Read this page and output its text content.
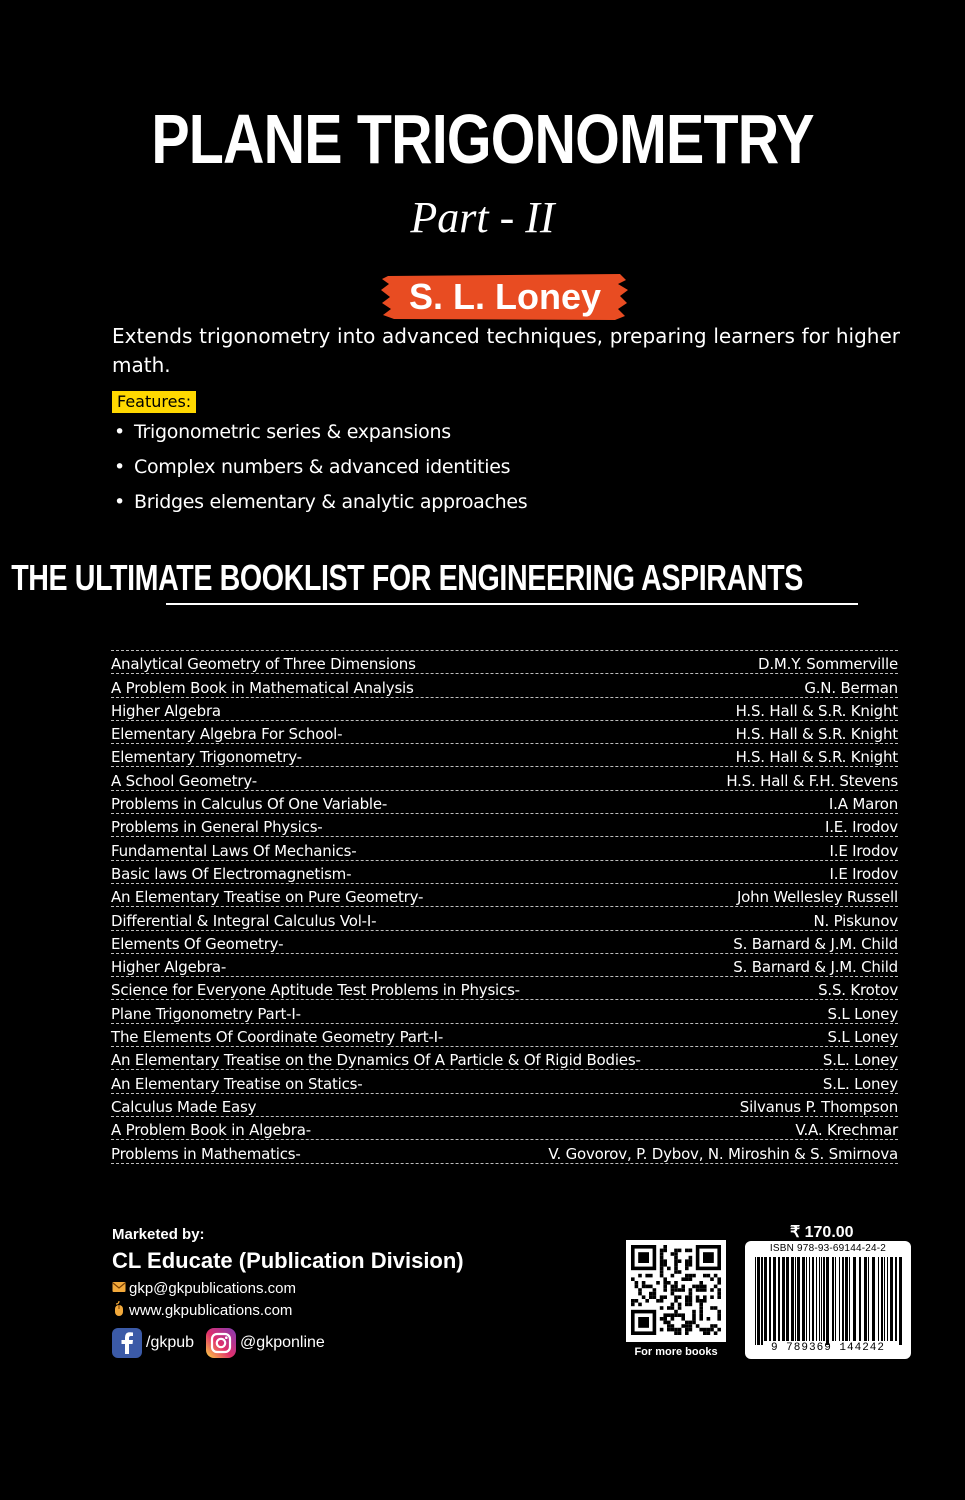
PLANE TRIGONOMETRY
Part - II
S. L. Loney
Extends trigonometry into advanced techniques, preparing learners for higher math.
Features:
• Trigonometric series & expansions
• Complex numbers & advanced identities
• Bridges elementary & analytic approaches
THE ULTIMATE BOOKLIST FOR ENGINEERING ASPIRANTS
Analytical Geometry of Three Dimensions	D.M.Y. Sommerville
A Problem Book in Mathematical Analysis	G.N. Berman
Higher Algebra	H.S. Hall & S.R. Knight
Elementary Algebra For School-	H.S. Hall & S.R. Knight
Elementary Trigonometry-	H.S. Hall & S.R. Knight
A School Geometry-	H.S. Hall & F.H. Stevens
Problems in Calculus Of One Variable-	I.A Maron
Problems in General Physics-	I.E. Irodov
Fundamental Laws Of Mechanics-	I.E Irodov
Basic laws Of Electromagnetism-	I.E Irodov
An Elementary Treatise on Pure Geometry-	John Wellesley Russell
Differential & Integral Calculus Vol-I-	N. Piskunov
Elements Of Geometry-	S. Barnard & J.M. Child
Higher Algebra-	S. Barnard & J.M. Child
Science for Everyone Aptitude Test Problems in Physics-	S.S. Krotov
Plane Trigonometry Part-I-	S.L Loney
The Elements Of Coordinate Geometry Part-I-	S.L Loney
An Elementary Treatise on the Dynamics Of A Particle & Of Rigid Bodies-	S.L. Loney
An Elementary Treatise on Statics-	S.L. Loney
Calculus Made Easy	Silvanus P. Thompson
A Problem Book in Algebra-	V.A. Krechmar
Problems in Mathematics-	V. Govorov, P. Dybov, N. Miroshin & S. Smirnova
Marketed by:
CL Educate (Publication Division)
gkp@gkpublications.com
www.gkpublications.com
/gkpub	@gkponline
For more books
₹ 170.00
ISBN 978-93-69144-24-2
9 789369 144242
